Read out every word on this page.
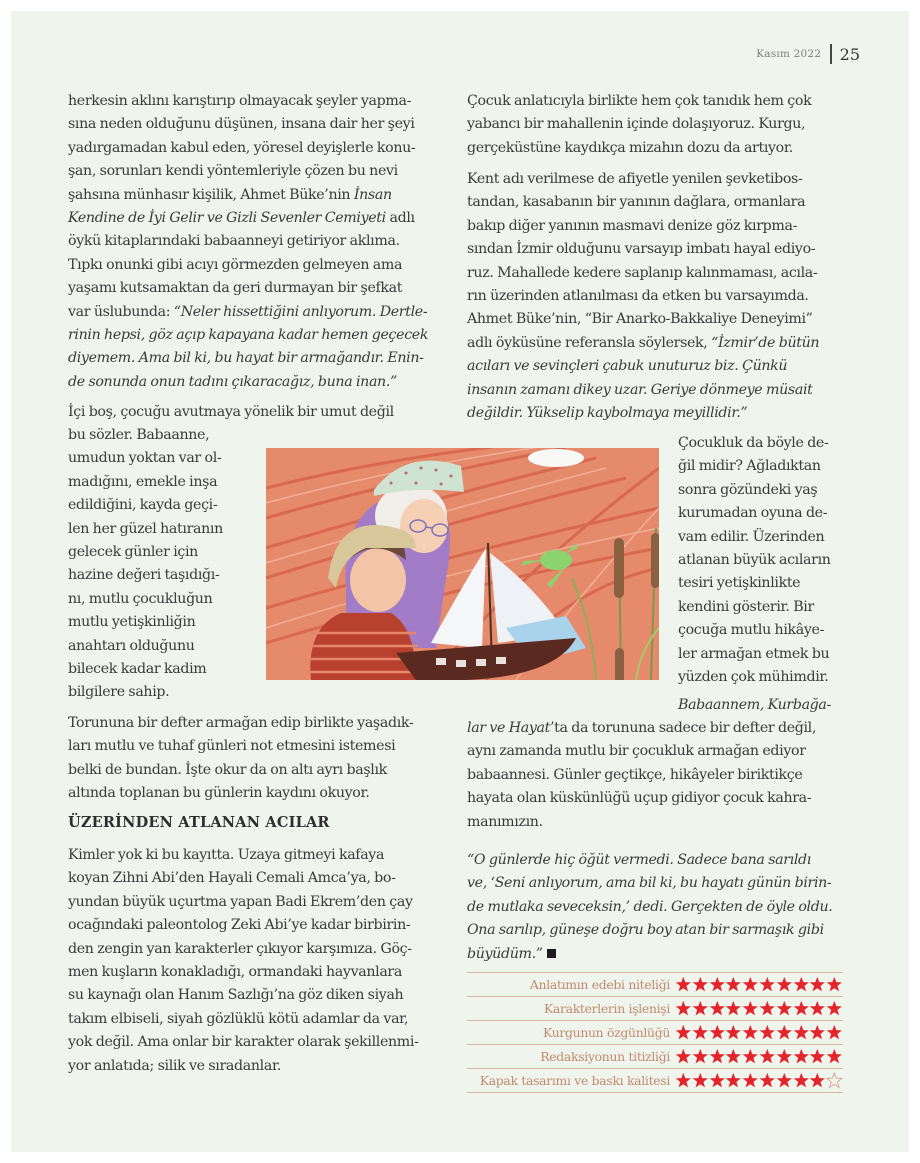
Kasım 2022 25
herkesin aklını karıştırıp olmayacak şeyler yapma-
sına neden olduğunu düşünen, insana dair her şeyi
yadırgamadan kabul eden, yöresel deyişlerle konu-
şan, sorunları kendi yöntemleriyle çözen bu nevi
şahsına münhasır kişilik, Ahmet Büke’nin İnsan
Kendine de İyi Gelir ve Gizli Sevenler Cemiyeti adlı
öykü kitaplarındaki babaanneyi getiriyor aklıma.
Tıpkı onunki gibi acıyı görmezden gelmeyen ama
yaşamı kutsamaktan da geri durmayan bir şefkat
var üslubunda: “Neler hissettiğini anlıyorum. Dertle-
rinin hepsi, göz açıp kapayana kadar hemen geçecek
diyemem. Ama bil ki, bu hayat bir armağandır. Enin-
de sonunda onun tadını çıkaracağız, buna inan.”
İçi boş, çocuğu avutmaya yönelik bir umut değil
bu sözler. Babaanne,
umudun yoktan var ol-
madığını, emekle inşa
edildiğini, kayda geçi-
len her güzel hatıranın
gelecek günler için
hazine değeri taşıdığı-
nı, mutlu çocukluğun
mutlu yetişkinliğin
anahtarı olduğunu
bilecek kadar kadim
bilgilere sahip.
Torununa bir defter armağan edip birlikte yaşadık-
ları mutlu ve tuhaf günleri not etmesini istemesi
belki de bundan. İşte okur da on altı ayrı başlık
altında toplanan bu günlerin kaydını okuyor.
ÜZERİNDEN ATLANAN ACILAR
Kimler yok ki bu kayıtta. Uzaya gitmeyi kafaya
koyan Zihni Abi’den Hayali Cemali Amca’ya, bo-
yundan büyük uçurtma yapan Badi Ekrem’den çay
ocağındaki paleontolog Zeki Abi’ye kadar birbirin-
den zengin yan karakterler çıkıyor karşımıza. Göç-
men kuşların konakladığı, ormandaki hayvanlara
su kaynağı olan Hanım Sazlığı’na göz diken siyah
takım elbiseli, siyah gözlüklü kötü adamlar da var,
yok değil. Ama onlar bir karakter olarak şekillenmi-
yor anlatıda; silik ve sıradanlar.
Çocuk anlatıcıyla birlikte hem çok tanıdık hem çok
yabancı bir mahallenin içinde dolaşıyoruz. Kurgu,
gerçeküstüne kaydıkça mizahın dozu da artıyor.
Kent adı verilmese de afiyetle yenilen şevketibos-
tandan, kasabanın bir yanının dağlara, ormanlara
bakıp diğer yanının masmavi denize göz kırpma-
sından İzmir olduğunu varsayıp imbatı hayal ediyo-
ruz. Mahallede kedere saplanıp kalınmaması, acıla-
rın üzerinden atlanılması da etken bu varsayımda.
Ahmet Büke’nin, “Bir Anarko-Bakkaliye Deneyimi”
adlı öyküsüne referansla söylersek, “İzmir’de bütün
acıları ve sevinçleri çabuk unuturuz biz. Çünkü
insanın zamanı dikey uzar. Geriye dönmeye müsait
değildir. Yükselip kaybolmaya meyillidir.”
Çocukluk da böyle de-
ğil midir? Ağladıktan
sonra gözündeki yaş
kurumadan oyuna de-
vam edilir. Üzerinden
atlanan büyük acıların
tesiri yetişkinlikte
kendini gösterir. Bir
çocuğa mutlu hikâye-
ler armağan etmek bu
yüzden çok mühimdir.
Babaannem, Kurbağa-
lar ve Hayat’ta da torununa sadece bir defter değil,
aynı zamanda mutlu bir çocukluk armağan ediyor
babaannesi. Günler geçtikçe, hikâyeler biriktikçe
hayata olan küskünlüğü uçup gidiyor çocuk kahra-
manımızın.
“O günlerde hiç öğüt vermedi. Sadece bana sarıldı
ve, ‘Seni anlıyorum, ama bil ki, bu hayatı günün birin-
de mutlaka seveceksin,’ dedi. Gerçekten de öyle oldu.
Ona sarılıp, güneşe doğru boy atan bir sarmaşık gibi
büyüdüm.”
Anlatımın edebi niteliği
Karakterlerin işlenişi
Kurgunun özgünlüğü
Redaksiyonun titizliği
Kapak tasarımı ve baskı kalitesi
